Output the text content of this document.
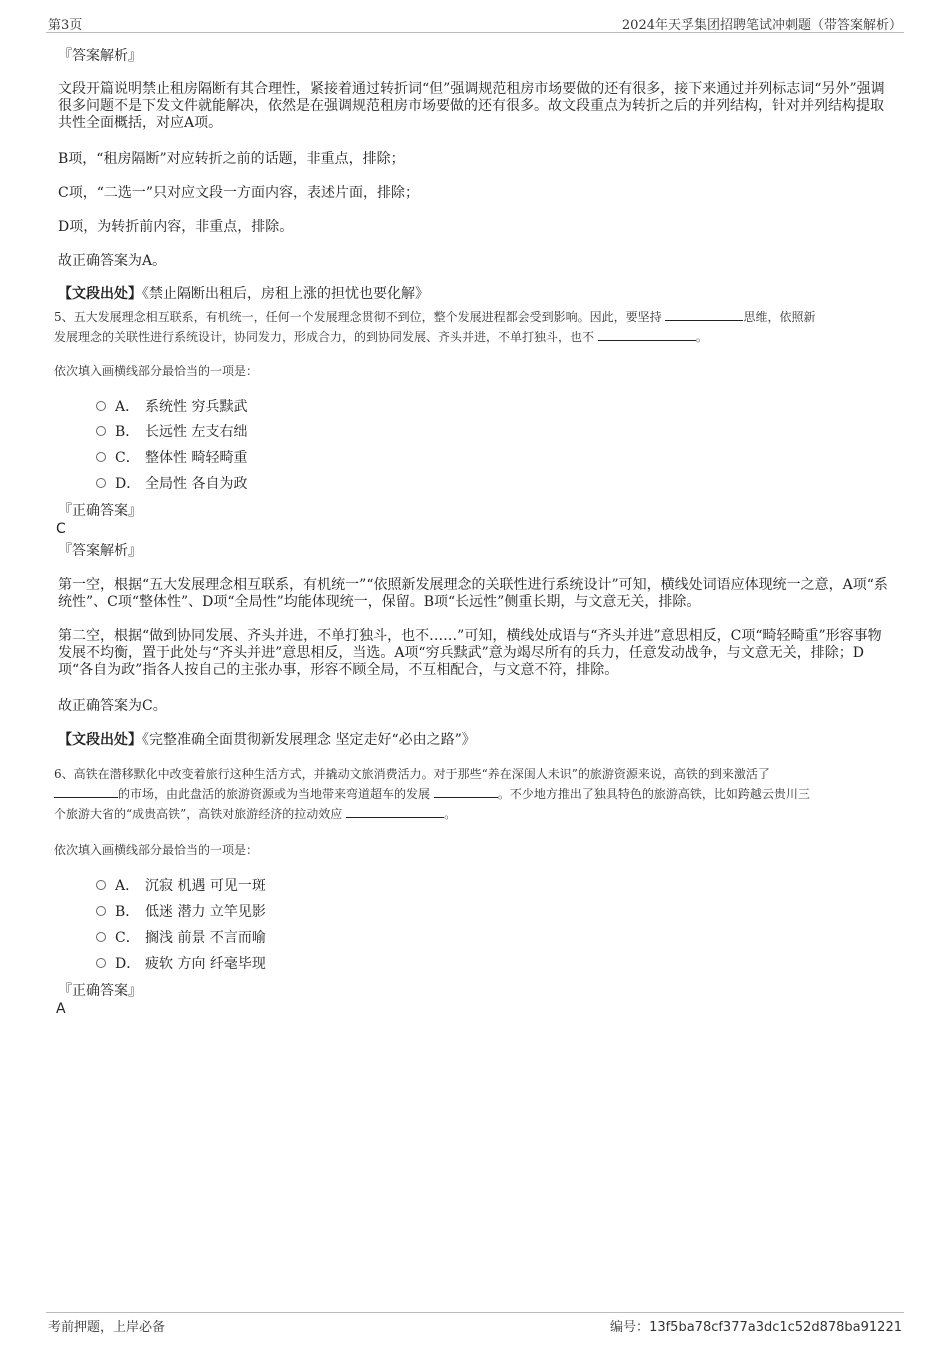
第3页	2024年天孚集团招聘笔试冲刺题（带答案解析）
『答案解析』
文段开篇说明禁止租房隔断有其合理性，紧接着通过转折词“但”强调规范租房市场要做的还有很多，接下来通过并列标志词“另外”强调很多问题不是下发文件就能解决，依然是在强调规范租房市场要做的还有很多。故文段重点为转折之后的并列结构，针对并列结构提取共性全面概括，对应A项。
B项，“租房隔断”对应转折之前的话题，非重点，排除；
C项，“二选一”只对应文段一方面内容，表述片面，排除；
D项，为转折前内容，非重点，排除。
故正确答案为A。
【文段出处】《禁止隔断出租后，房租上涨的担忧也要化解》
5、五大发展理念相互联系，有机统一，任何一个发展理念贯彻不到位，整个发展进程都会受到影响。因此，要坚持	思维，依照新
发展理念的关联性进行系统设计，协同发力，形成合力，的到协同发展、齐头并进，不单打独斗，也不	。
依次填入画横线部分最恰当的一项是：
A． 系统性 穷兵黩武
B． 长远性 左支右绌
C． 整体性 畸轻畸重
D． 全局性 各自为政
『正确答案』
C
『答案解析』
第一空，根据“五大发展理念相互联系，有机统一”“依照新发展理念的关联性进行系统设计”可知，横线处词语应体现统一之意，A项“系统性”、C项“整体性”、D项“全局性”均能体现统一，保留。B项“长远性”侧重长期，与文意无关，排除。
第二空，根据“做到协同发展、齐头并进，不单打独斗，也不……”可知，横线处成语与“齐头并进”意思相反，C项“畸轻畸重”形容事物发展不均衡，置于此处与“齐头并进”意思相反，当选。A项“穷兵黩武”意为竭尽所有的兵力，任意发动战争，与文意无关，排除；D项“各自为政”指各人按自己的主张办事，形容不顾全局，不互相配合，与文意不符，排除。
故正确答案为C。
【文段出处】《完整准确全面贯彻新发展理念 坚定走好“必由之路”》
6、高铁在潜移默化中改变着旅行这种生活方式，并撬动文旅消费活力。对于那些“养在深闺人未识”的旅游资源来说，高铁的到来激活了
的市场，由此盘活的旅游资源或为当地带来弯道超车的发展	。不少地方推出了独具特色的旅游高铁，比如跨越云贵川三
个旅游大省的“成贵高铁”，高铁对旅游经济的拉动效应	。
依次填入画横线部分最恰当的一项是：
A． 沉寂 机遇 可见一斑
B． 低迷 潜力 立竿见影
C． 搁浅 前景 不言而喻
D． 疲软 方向 纤毫毕现
『正确答案』
A
考前押题，上岸必备	编号：13f5ba78cf377a3dc1c52d878ba91221
